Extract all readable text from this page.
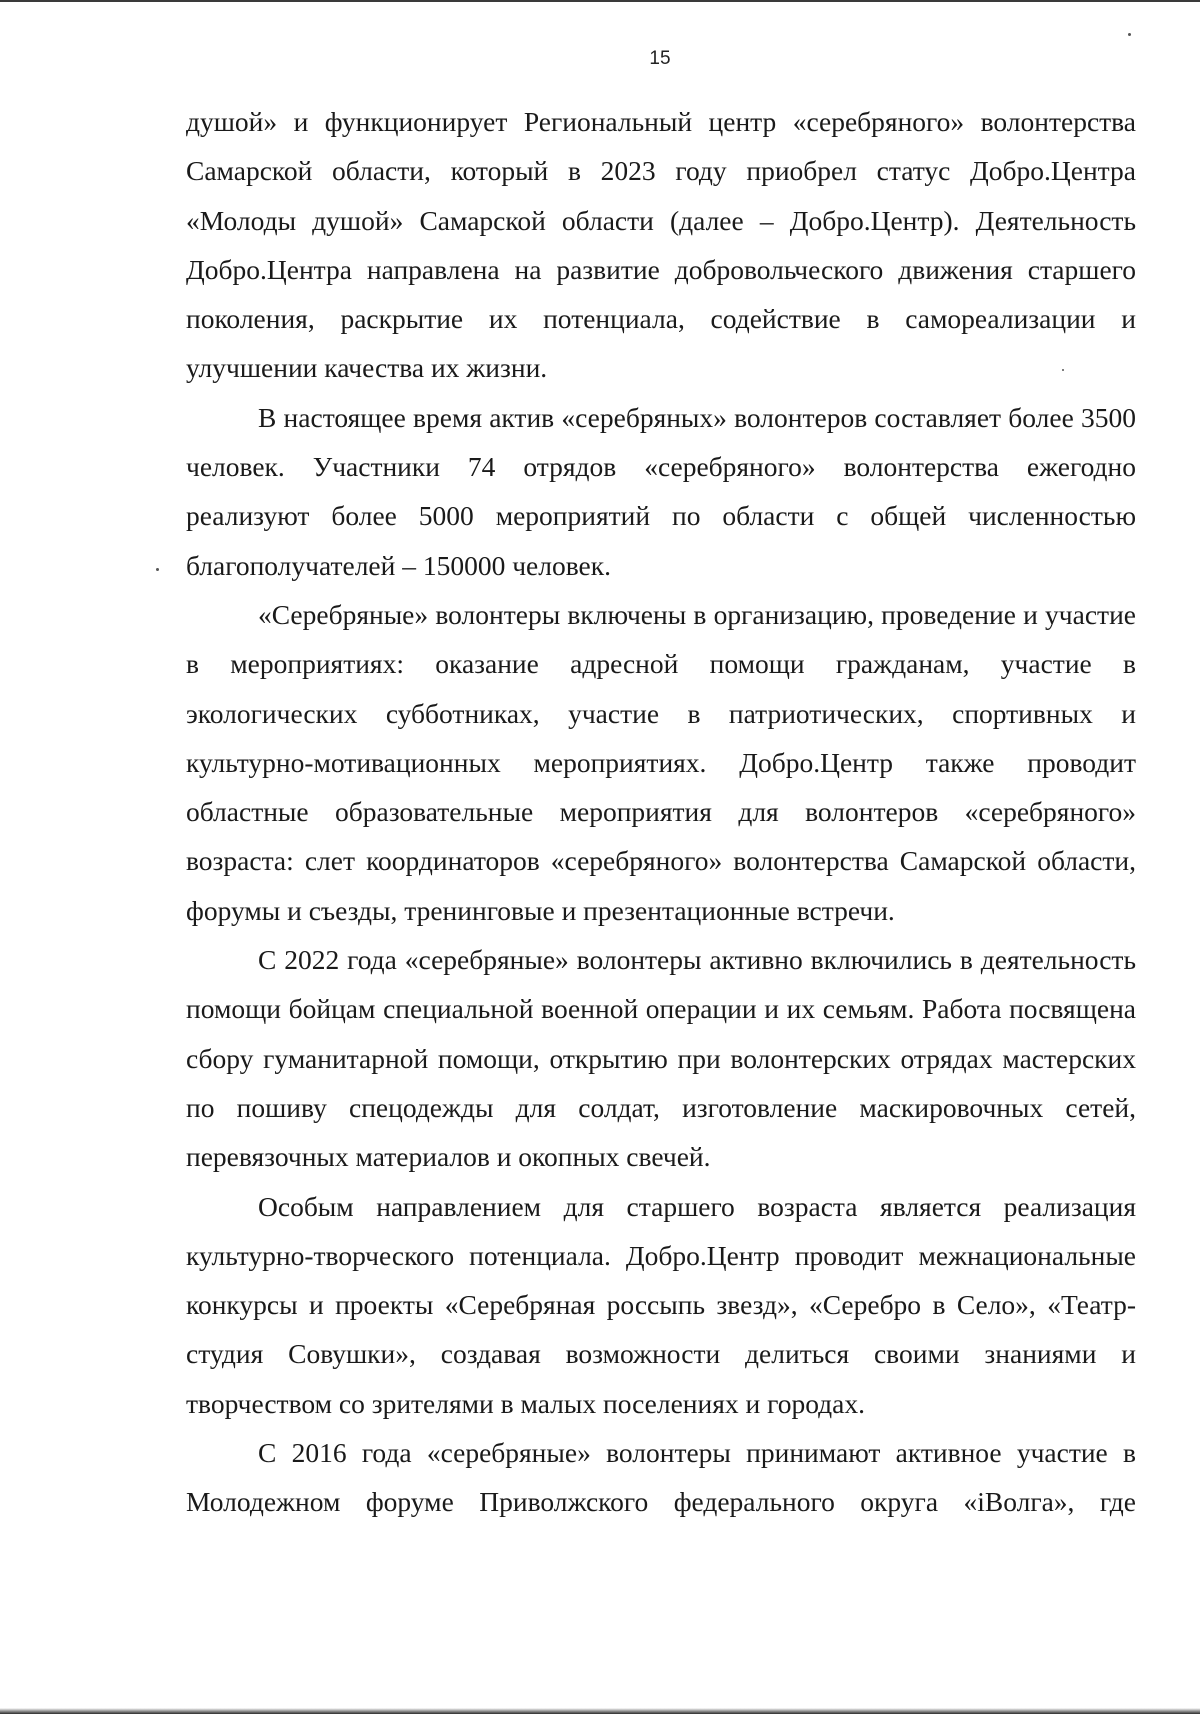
15

душой» и функционирует Региональный центр «серебряного» волонтерства Самарской области, который в 2023 году приобрел статус Добро.Центра «Молоды душой» Самарской области (далее – Добро.Центр). Деятельность Добро.Центра направлена на развитие добровольческого движения старшего поколения, раскрытие их потенциала, содействие в самореализации и улучшении качества их жизни.

В настоящее время актив «серебряных» волонтеров составляет более 3500 человек. Участники 74 отрядов «серебряного» волонтерства ежегодно реализуют более 5000 мероприятий по области с общей численностью благополучателей – 150000 человек.

«Серебряные» волонтеры включены в организацию, проведение и участие в мероприятиях: оказание адресной помощи гражданам, участие в экологических субботниках, участие в патриотических, спортивных и культурно-мотивационных мероприятиях. Добро.Центр также проводит областные образовательные мероприятия для волонтеров «серебряного» возраста: слет координаторов «серебряного» волонтерства Самарской области, форумы и съезды, тренинговые и презентационные встречи.

С 2022 года «серебряные» волонтеры активно включились в деятельность помощи бойцам специальной военной операции и их семьям. Работа посвящена сбору гуманитарной помощи, открытию при волонтерских отрядах мастерских по пошиву спецодежды для солдат, изготовление маскировочных сетей, перевязочных материалов и окопных свечей.

Особым направлением для старшего возраста является реализация культурно-творческого потенциала. Добро.Центр проводит межнациональные конкурсы и проекты «Серебряная россыпь звезд», «Серебро в Село», «Театр-студия Совушки», создавая возможности делиться своими знаниями и творчеством со зрителями в малых поселениях и городах.

С 2016 года «серебряные» волонтеры принимают активное участие в Молодежном форуме Приволжского федерального округа «iВолга», где
